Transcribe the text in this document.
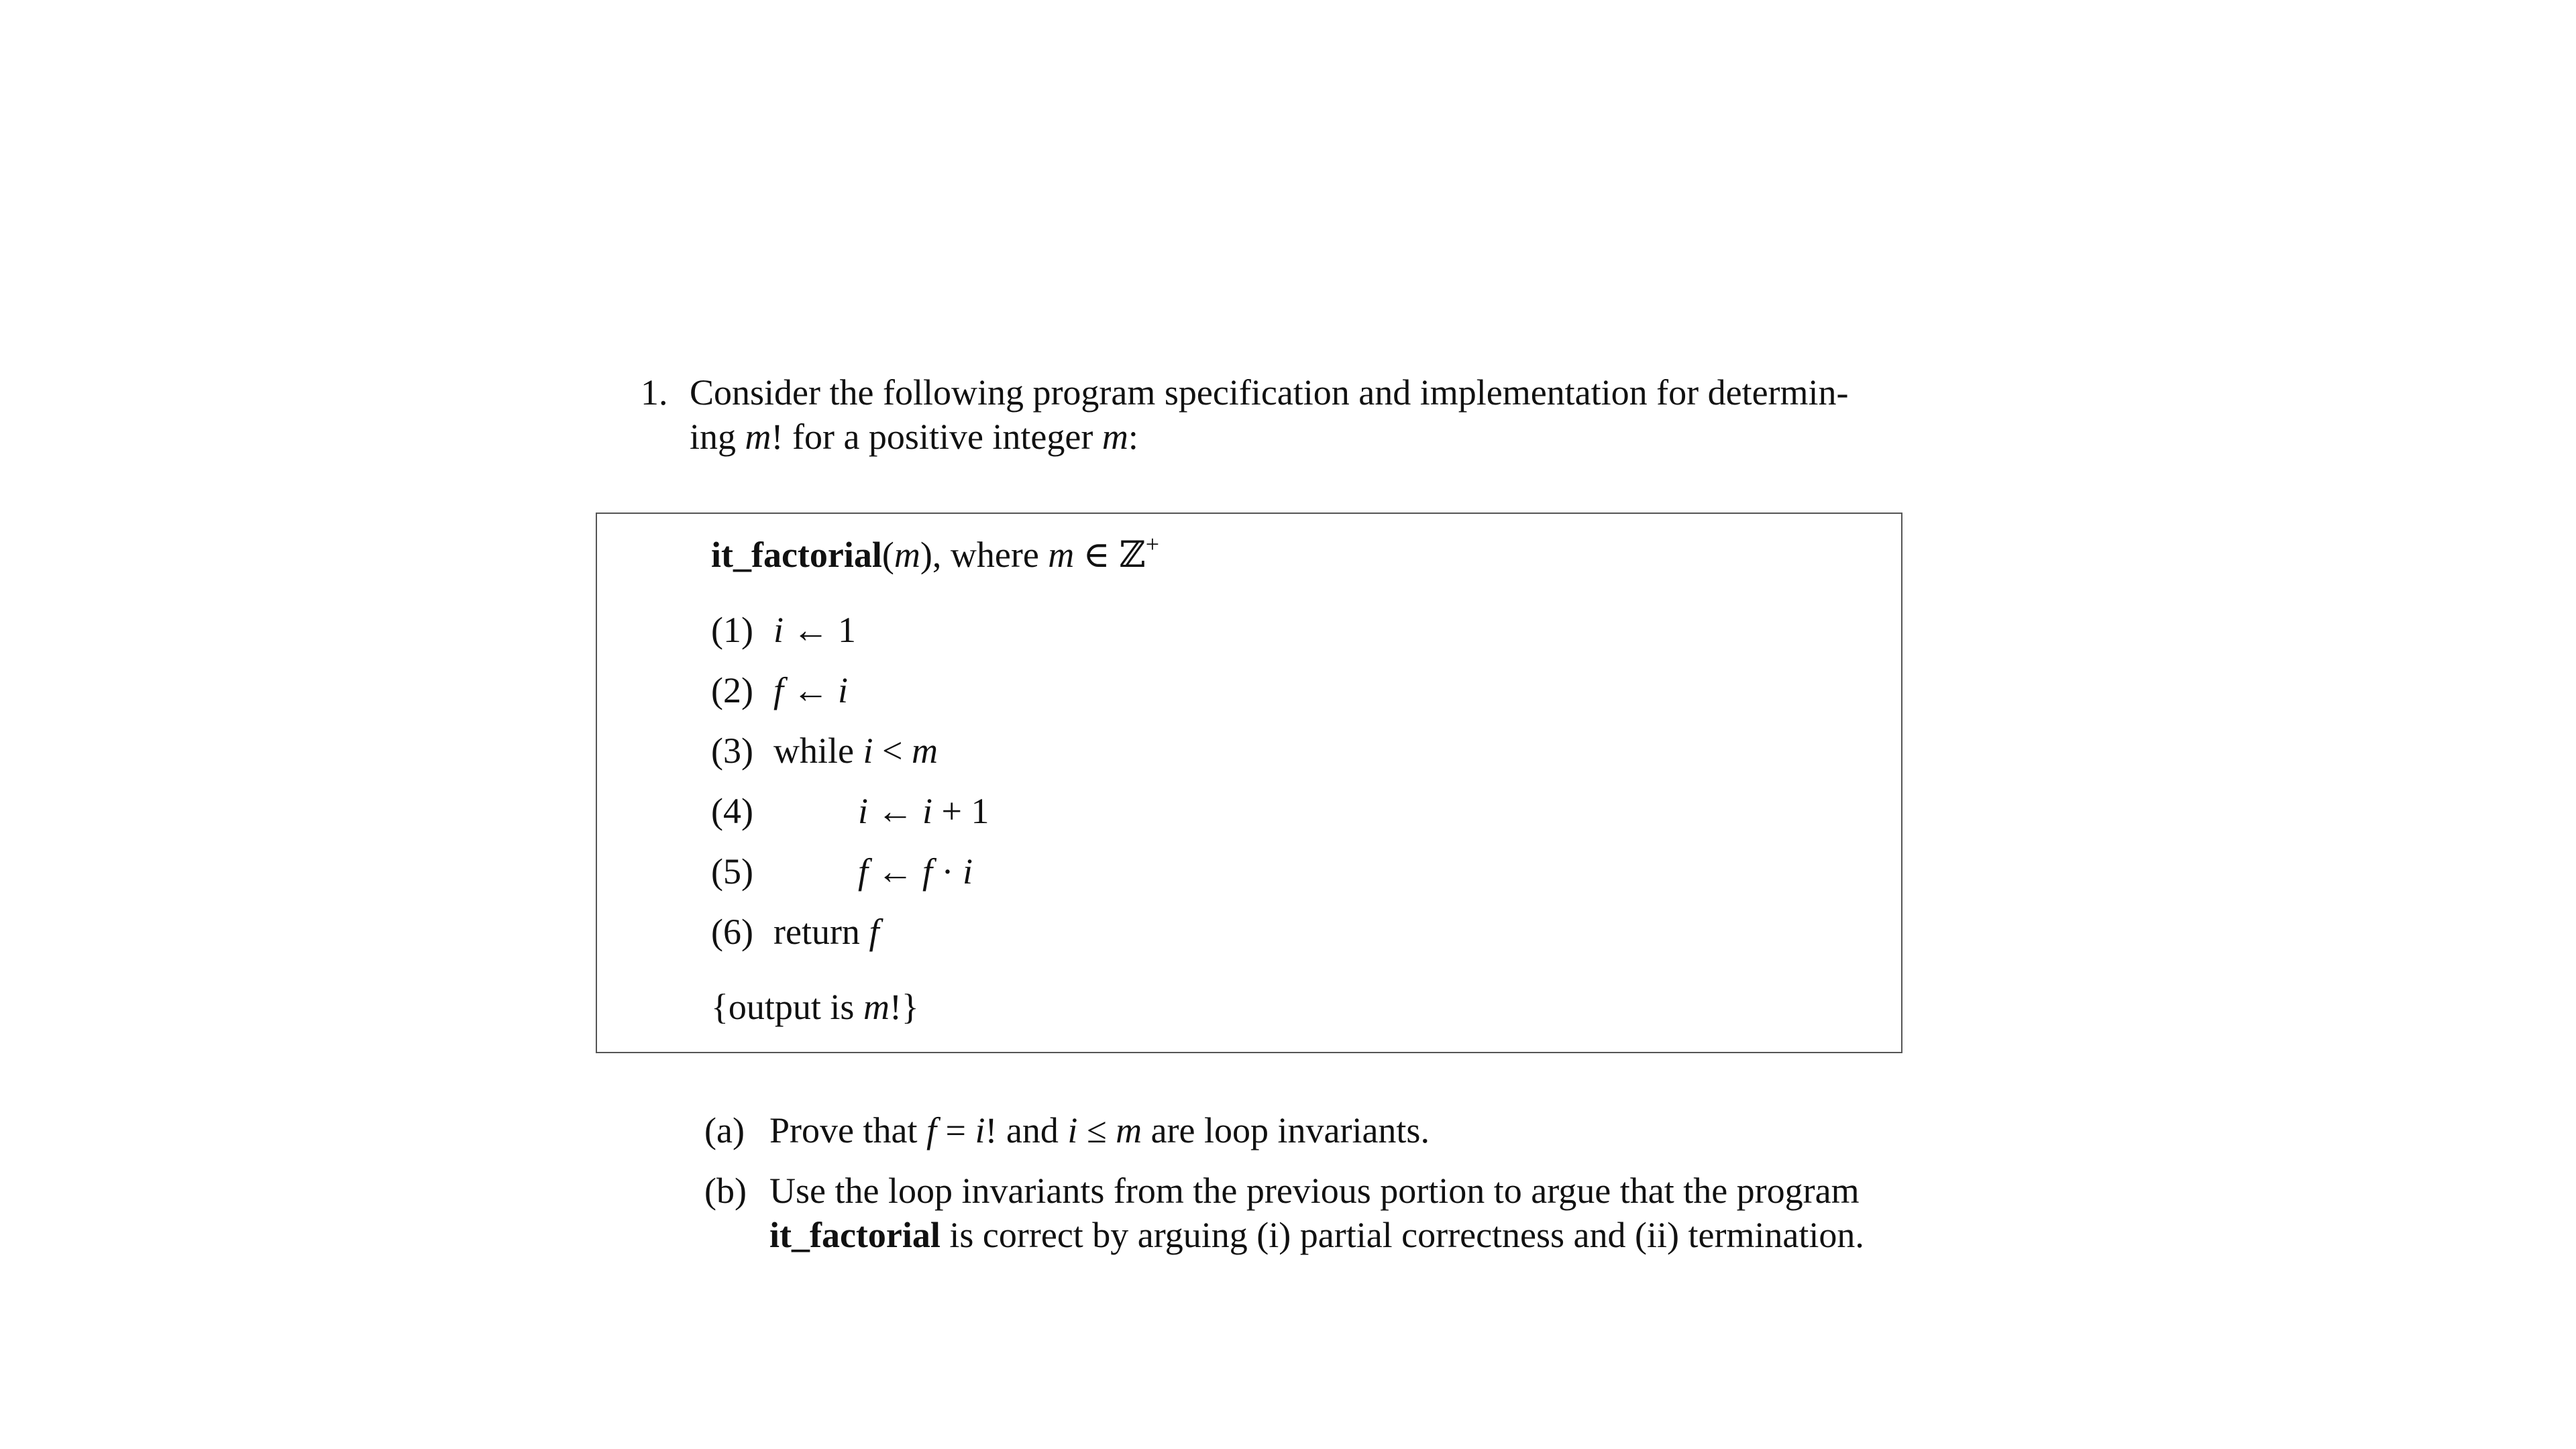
1. Consider the following program specification and implementation for determin-
ing m! for a positive integer m:
it_factorial(m), where m ∈ ℤ+
(1) i ← 1
(2) f ← i
(3) while i < m
(4)	i ← i + 1
(5)	f ← f · i
(6) return f
{output is m!}
(a) Prove that f = i! and i ≤ m are loop invariants.
(b) Use the loop invariants from the previous portion to argue that the program
it_factorial is correct by arguing (i) partial correctness and (ii) termination.
